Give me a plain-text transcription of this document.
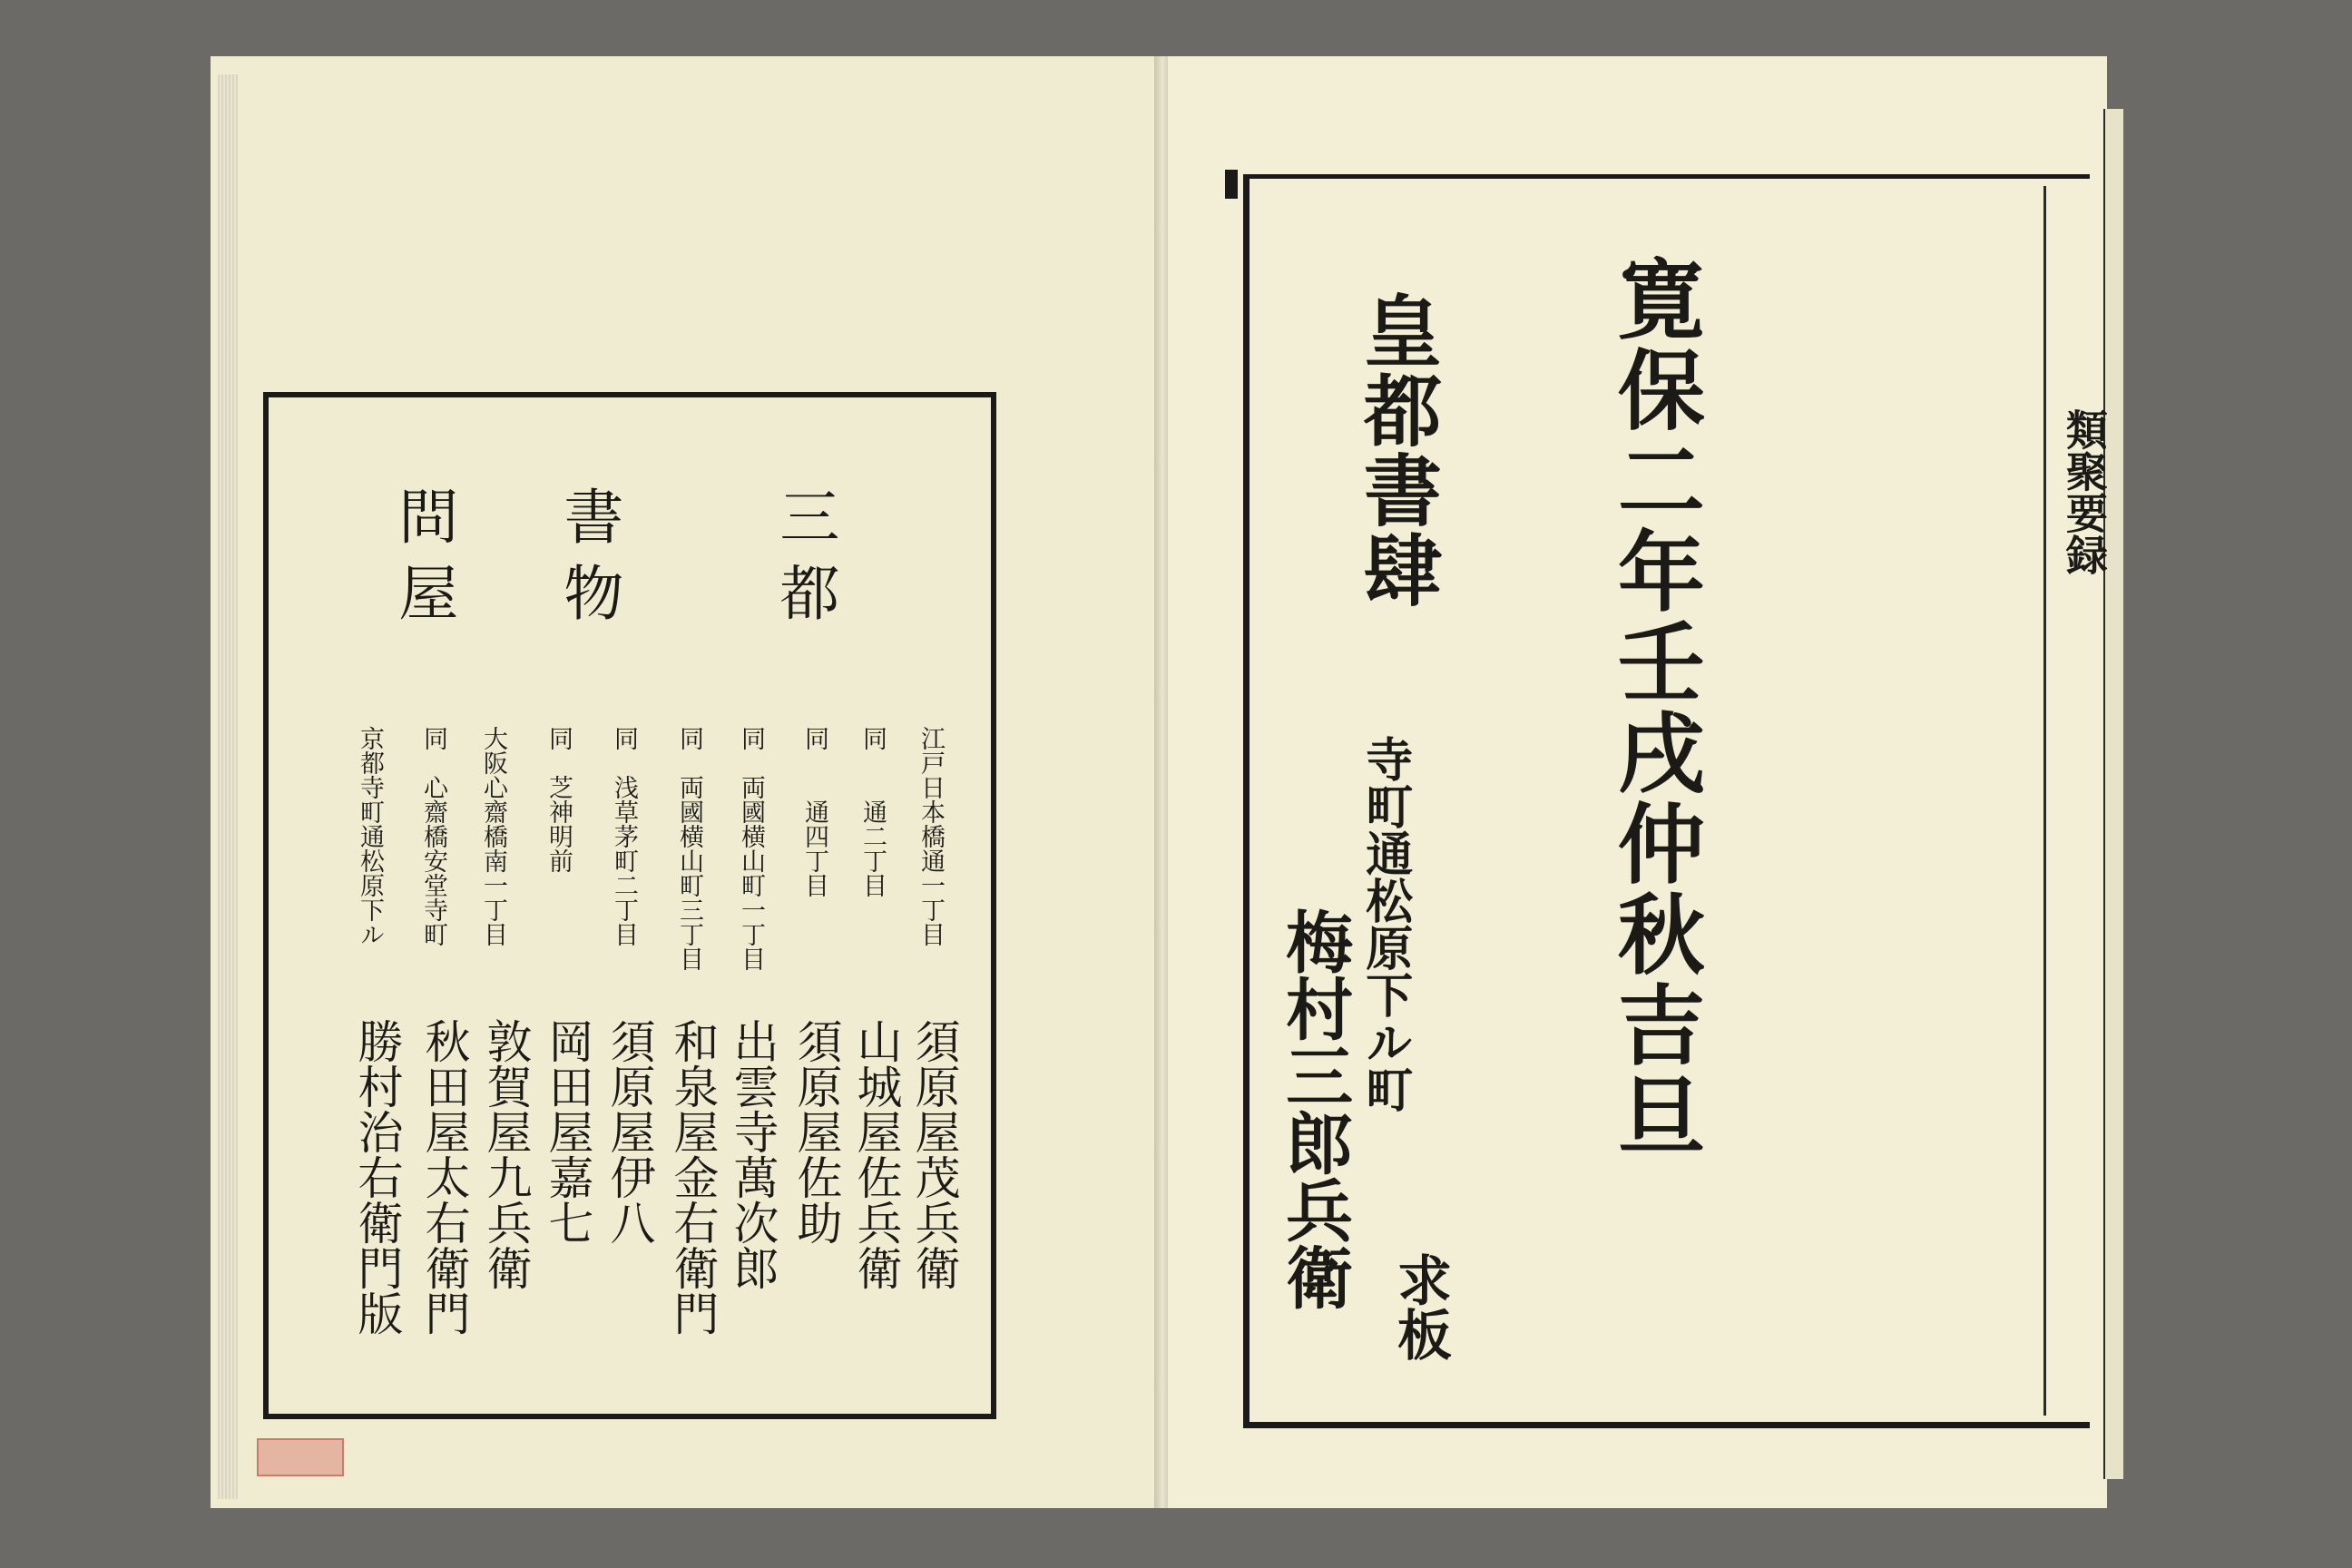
三都
書物
問屋
江戸日本橋通一丁目
同　　通二丁目
同　　通四丁目
同　両國横山町一丁目
同　両國横山町三丁目
同　浅草茅町二丁目
同　芝神明前
大阪心齋橋南一丁目
同　心齋橋安堂寺町
京都寺町通松原下ル
須原屋茂兵衛
山城屋佐兵衛
須原屋佐助
出雲寺萬次郎
和泉屋金右衛門
須原屋伊八
岡田屋嘉七
敦賀屋九兵衛
秋田屋太右衛門
勝村治右衛門版
寛保二年壬戌仲秋吉旦
皇都書肆
寺町通松原下ル町
梅村三郎兵衛 求板
類聚要録
